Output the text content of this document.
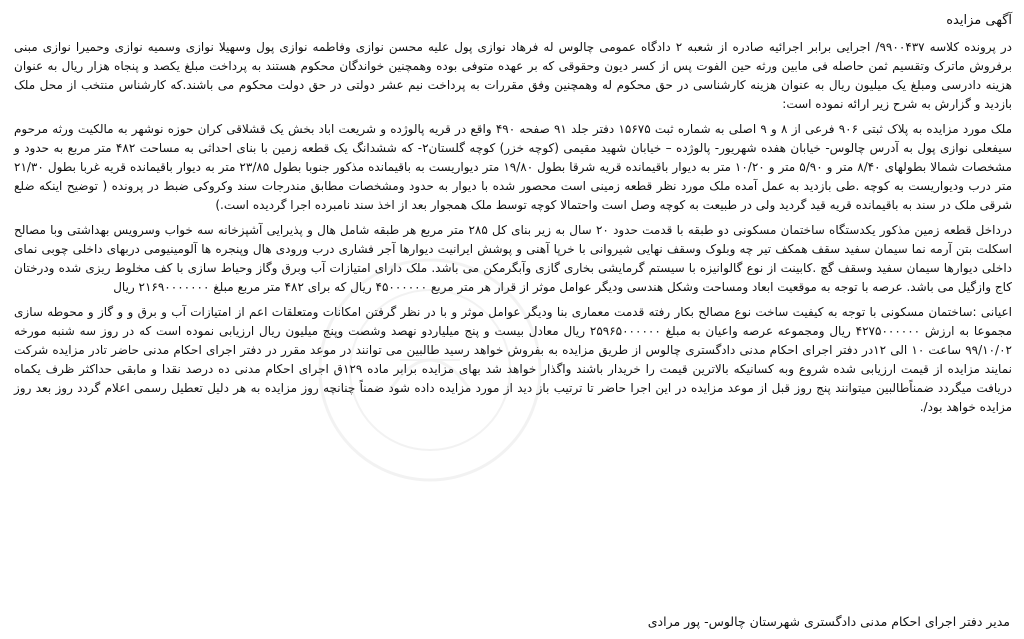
آگهی مزایده

در پرونده کلاسه ۹۹۰۰۴۳۷/ اجرایی برابر اجرائیه صادره از شعبه ۲ دادگاه عمومی چالوس له فرهاد نوازی پول علیه محسن نوازی وفاطمه نوازی پول وسهیلا نوازی وسمیه نوازی وحمیرا نوازی مبنی برفروش ماترک وتقسیم ثمن حاصله فی مابین ورثه حین الفوت پس از کسر دیون وحقوقی که بر عهده متوفی بوده وهمچنین خواندگان محکوم هستند به پرداخت مبلغ یکصد و پنجاه هزار ریال به عنوان هزینه دادرسی ومبلغ یک میلیون ریال به عنوان هزینه کارشناسی در حق محکوم له وهمچنین وفق مقررات به پرداخت نیم عشر دولتی در حق دولت محکوم می باشند.که کارشناس منتخب از محل ملک بازدید و گزارش به شرح زیر ارائه نموده است:

ملک مورد مزایده به پلاک ثبتی ۹۰۶ فرعی از ۸ و ۹ اصلی به شماره ثبت ۱۵۶۷۵ دفتر جلد ۹۱ صفحه ۴۹۰ واقع در قریه پالوژده و شریعت اباد بخش یک قشلاقی کران حوزه نوشهر به مالکیت ورثه مرحوم سیفعلی نوازی پول به آدرس چالوس- خیابان هفده شهریور- پالوژده – خیابان شهید مقیمی (کوچه خزر) کوچه گلستان۲- که ششدانگ یک قطعه زمین با بنای احداثی به مساحت ۴۸۲ متر مربع به حدود و مشخصات شمالا بطولهای ۸/۴۰ متر و ۵/۹۰ متر و ۱۰/۲۰ متر به دیوار باقیمانده قریه شرقا بطول ۱۹/۸۰ متر دیواریست به باقیمانده مذکور جنوبا بطول ۲۳/۸۵ متر به دیوار باقیمانده قریه غربا بطول ۲۱/۳۰ متر درب ودیواریست به کوچه .طی بازدید به عمل آمده ملک مورد نظر قطعه زمینی است محصور شده با دیوار به حدود ومشخصات مطابق مندرجات سند وکروکی ضبط در پرونده ( توضیح اینکه ضلع شرقی ملک در سند به باقیمانده قریه قید گردید ولی در طبیعت به کوچه وصل است واحتمالا کوچه توسط ملک همجوار بعد از اخذ سند نامبرده اجرا گردیده است.)

درداخل قطعه زمین مذکور یکدستگاه ساختمان مسکونی دو طبقه با قدمت حدود ۲۰ سال به زیر بنای کل ۲۸۵ متر مربع هر طبقه شامل هال و پذیرایی آشپزخانه سه خواب وسرویس بهداشتی وبا مصالح اسکلت بتن آرمه نما سیمان سفید سقف همکف تیر چه وبلوک وسقف نهایی شیروانی با خرپا آهنی و پوشش ایرانیت دیوارها آجر فشاری درب ورودی هال وپنجره ها آلومینیومی دربهای داخلی چوبی نمای داخلی دیوارها سیمان سفید وسقف گچ .کابینت از نوع گالوانیزه با سیستم گرمایشی بخاری گازی وآبگرمکن می باشد. ملک دارای امتیازات آب وبرق وگاز وحیاط سازی با کف مخلوط ریزی شده ودرختان کاج وازگیل می باشد. عرصه با توجه به موقعیت ابعاد ومساحت وشکل هندسی ودیگر عوامل موثر از قرار هر متر مربع ۴۵۰۰۰۰۰۰ ریال که برای ۴۸۲ متر مربع مبلغ ۲۱۶۹۰۰۰۰۰۰۰ ریال

اعیانی :ساختمان مسکونی با توجه به کیفیت ساخت نوع مصالح بکار رفته قدمت معماری بنا ودیگر عوامل موثر و با در نظر گرفتن امکانات ومتعلقات اعم از امتیازات آب و برق و و گاز و محوطه سازی مجموعا به ارزش ۴۲۷۵۰۰۰۰۰۰ ریال ومجموعه عرصه واعیان به مبلغ ۲۵۹۶۵۰۰۰۰۰۰ ریال معادل بیست و پنج میلیاردو نهصد وشصت وپنج میلیون ریال ارزیابی نموده است که در روز سه شنبه مورخه ۹۹/۱۰/۰۲ ساعت ۱۰ الی ۱۲در دفتر اجرای احکام مدنی دادگستری چالوس از طریق مزایده به بفروش خواهد رسید طالبین می توانند در موعد مقرر در دفتر اجرای احکام مدنی حاضر تادر مزایده شرکت نمایند مزایده از قیمت ارزیابی شده شروع وبه کسانیکه بالاترین قیمت را خریدار باشند واگذار خواهد شد بهای مزایده برابر ماده ۱۲۹ق اجرای احکام مدنی ده درصد نقدا و مابقی حداکثر ظرف یکماه دریافت میگردد ضمناًطالبین میتوانند پنج روز قبل از موعد مزایده در این اجرا حاضر تا ترتیب باز دید از مورد مزایده داده شود ضمناً چنانچه روز مزایده به هر دلیل تعطیل رسمی اعلام گردد روز بعد روز مزایده خواهد بود/.

مدیر دفتر اجرای احکام مدنی دادگستری شهرستان چالوس- پور مرادی
